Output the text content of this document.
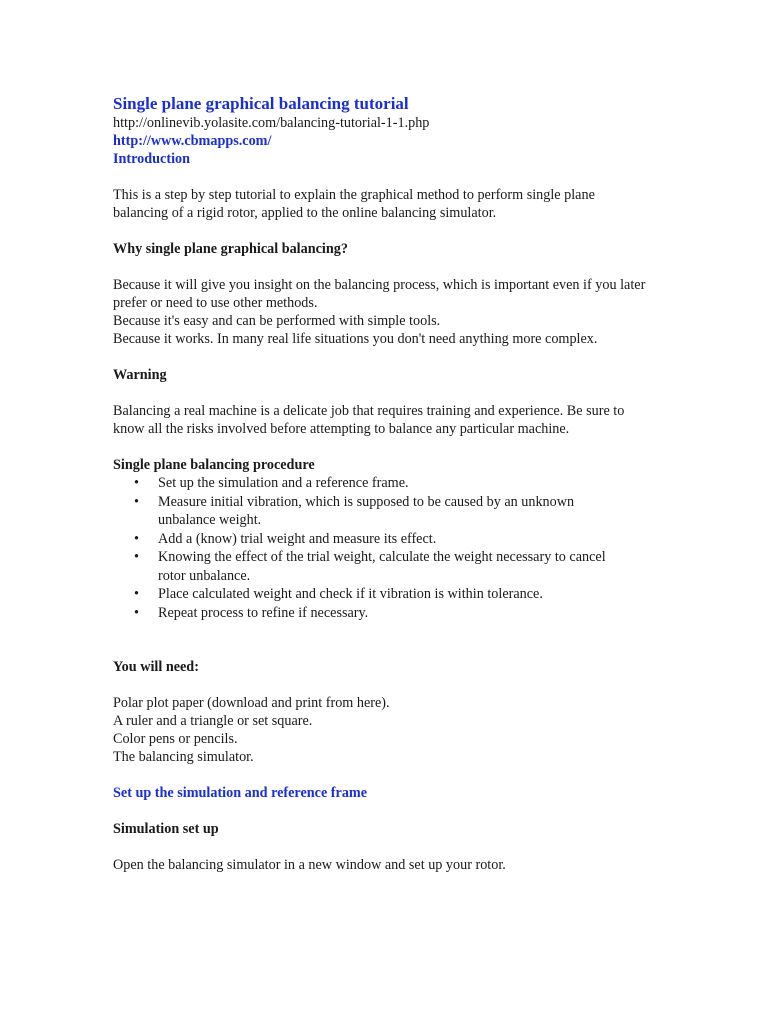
Single plane graphical balancing tutorial

http://onlinevib.yolasite.com/balancing-tutorial-1-1.php

http://www.cbmapps.com/
Introduction

This is a step by step tutorial to explain the graphical method to perform single plane balancing of a rigid rotor, applied to the online balancing simulator.

Why single plane graphical balancing?

Because it will give you insight on the balancing process, which is important even if you later prefer or need to use other methods.

Because it's easy and can be performed with simple tools.

Because it works. In many real life situations you don't need anything more complex.

Warning

Balancing a real machine is a delicate job that requires training and experience. Be sure to know all the risks involved before attempting to balance any particular machine.

Single plane balancing procedure

• Set up the simulation and a reference frame.
• Measure initial vibration, which is supposed to be caused by an unknown unbalance weight.
• Add a (know) trial weight and measure its effect.
• Knowing the effect of the trial weight, calculate the weight necessary to cancel rotor unbalance.
• Place calculated weight and check if it vibration is within tolerance.
• Repeat process to refine if necessary.

You will need:

Polar plot paper (download and print from here).

A ruler and a triangle or set square.

Color pens or pencils.

The balancing simulator.

Set up the simulation and reference frame

Simulation set up

Open the balancing simulator in a new window and set up your rotor.
